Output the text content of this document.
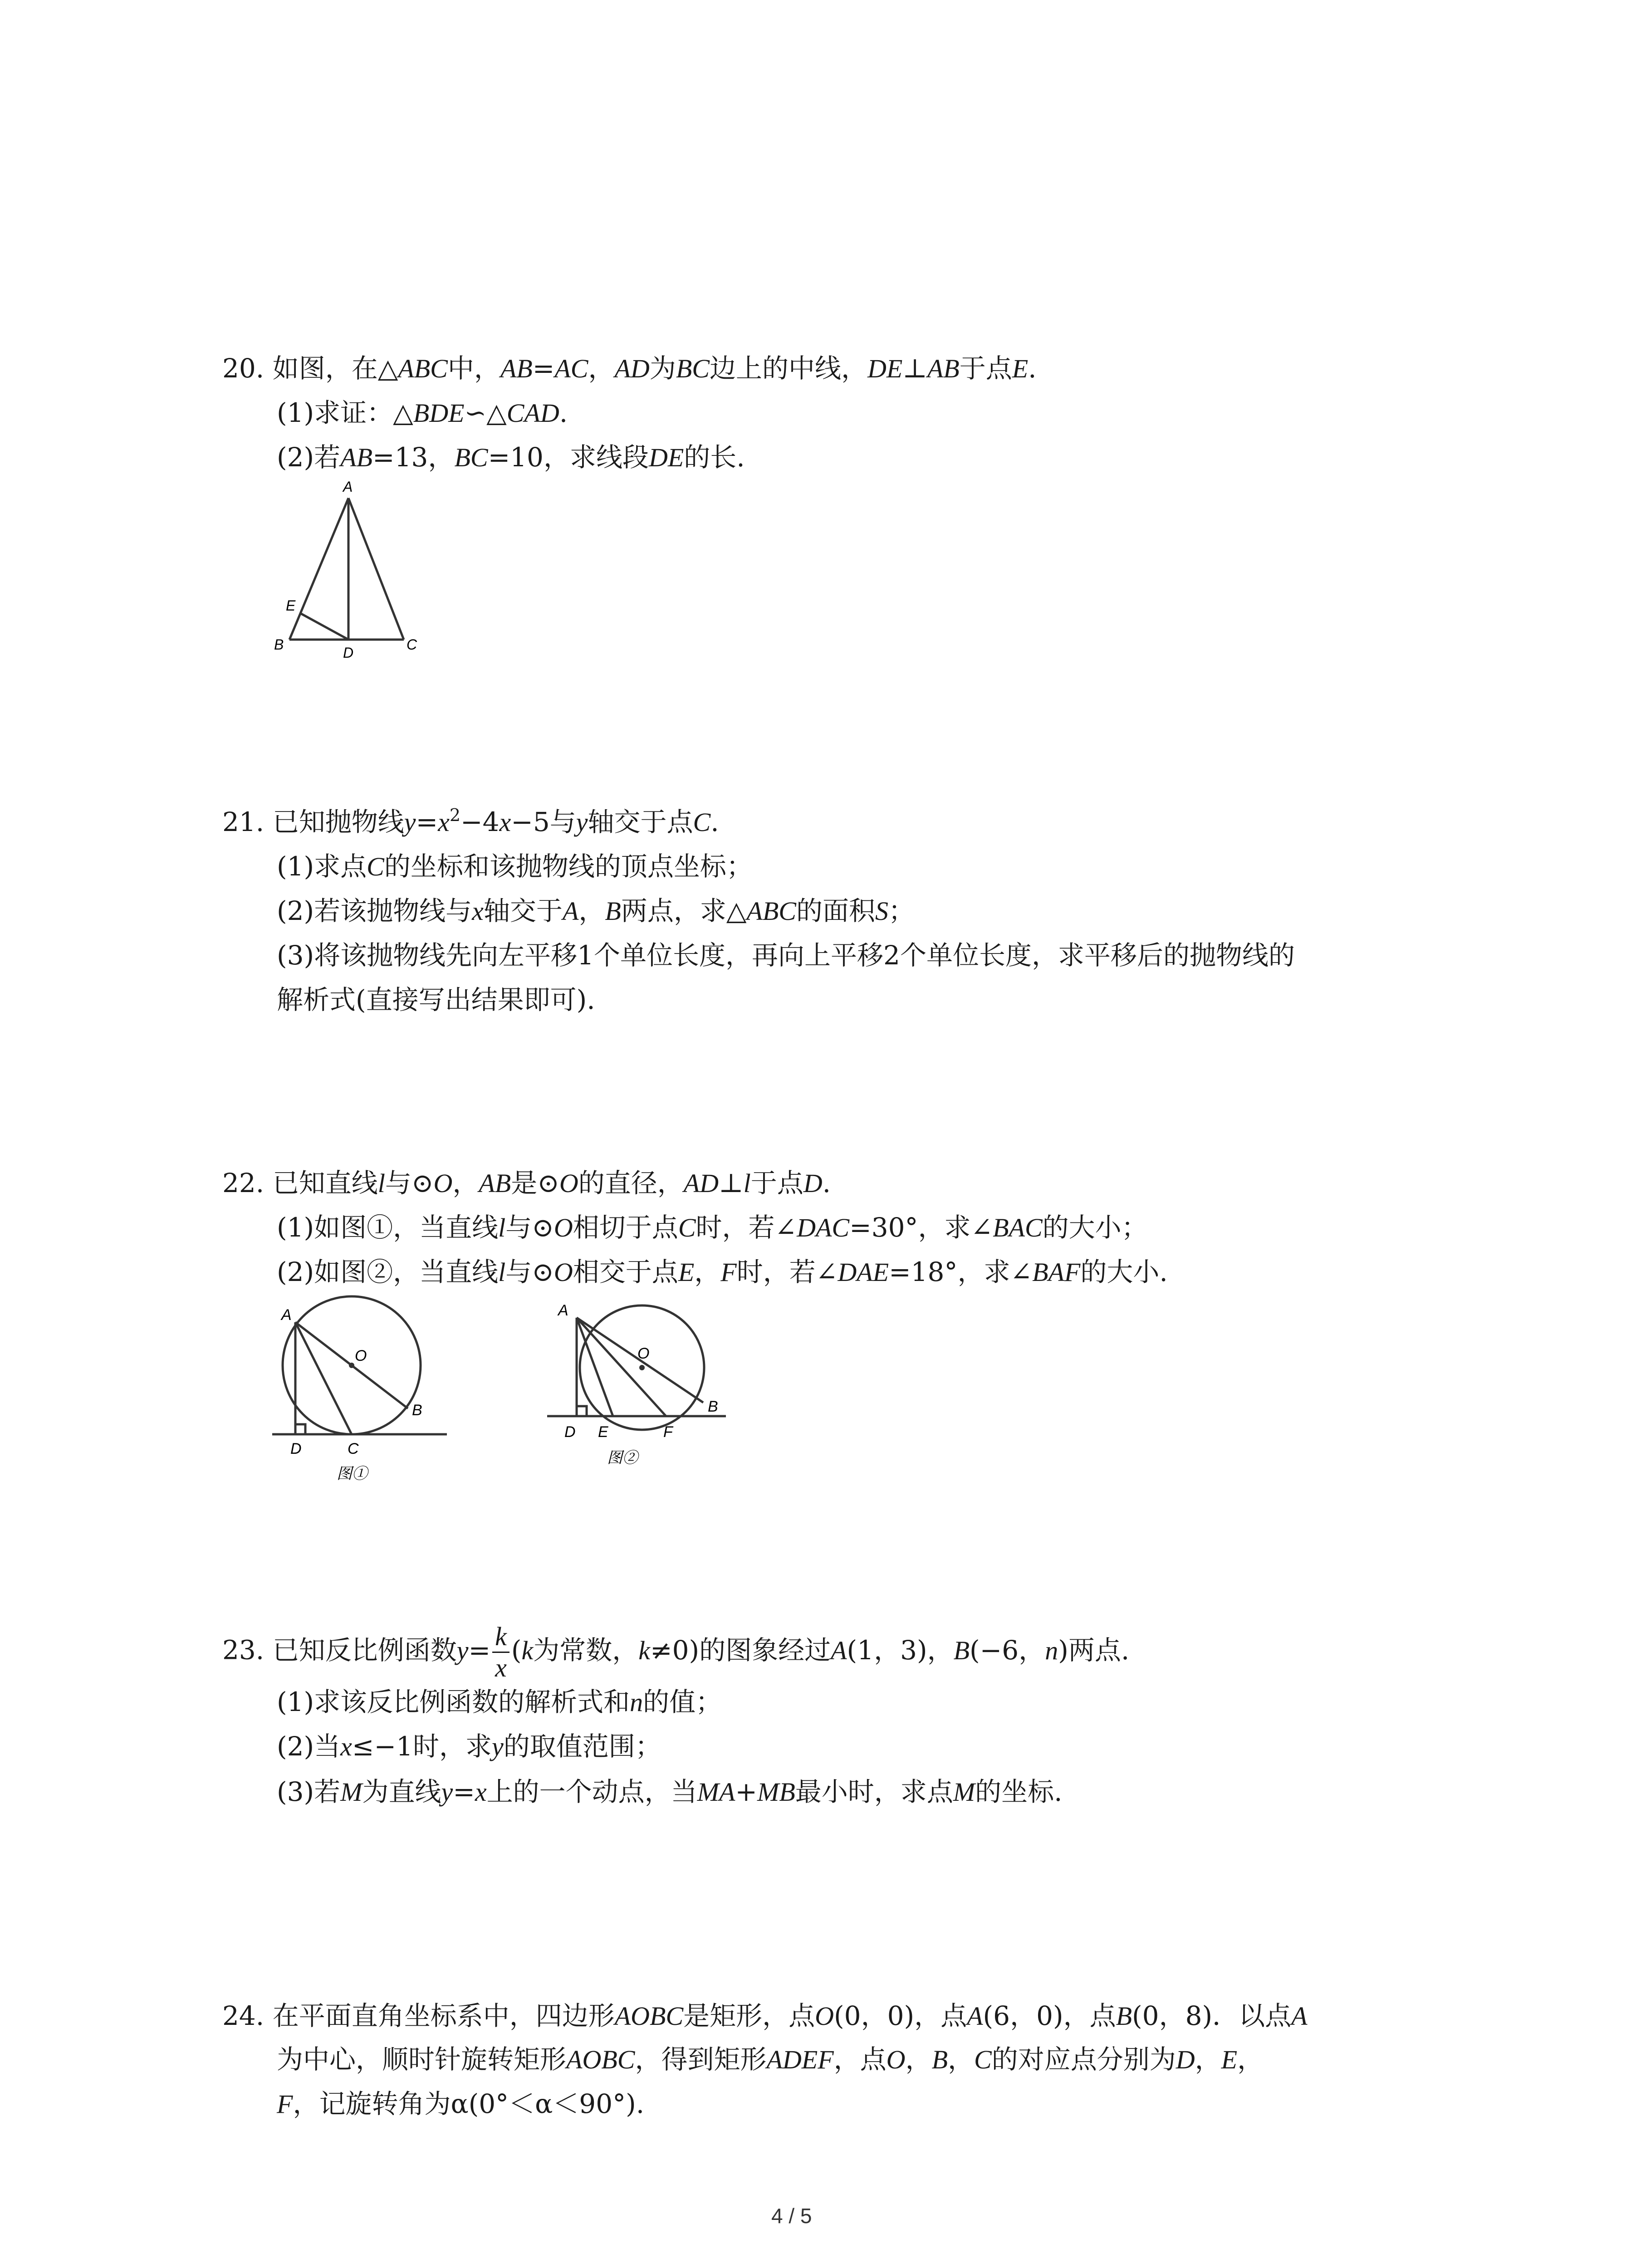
20. 如图，在△ABC中，AB=AC，AD为BC边上的中线，DE⊥AB于点E.
(1)求证：△BDE∽△CAD.
(2)若AB=13，BC=10，求线段DE的长.
A
E
B	D	C
21. 已知抛物线$y=x^2-4x-5$与y轴交于点C.
(1)求点C的坐标和该抛物线的顶点坐标；
(2)若该抛物线与x轴交于A，B两点，求△ABC的面积S；
(3)将该抛物线先向左平移1个单位长度，再向上平移2个单位长度，求平移后的抛物线的
解析式(直接写出结果即可).
22. 已知直线l与⊙O，AB是⊙O的直径，AD⊥l于点D.
(1)如图①，当直线l与⊙O相切于点C时，若∠DAC=30°，求∠BAC的大小；
(2)如图②，当直线l与⊙O相交于点E，F时，若∠DAE=18°，求∠BAF的大小.
A
O
B
D	C
图①
A
O
B
D E	F
图②
23. 已知反比例函数$y= \frac{k}{x} (k$为常数，k≠0)的图象经过A(1，3)，B(−6，n)两点.
(1)求该反比例函数的解析式和n的值；
(2)当x≤−1时，求y的取值范围；
(3)若M为直线y=x上的一个动点，当MA+MB最小时，求点M的坐标.
24. 在平面直角坐标系中，四边形AOBC是矩形，点O(0，0)，点A(6，0)，点B(0，8)．以点A
为中心，顺时针旋转矩形AOBC，得到矩形ADEF，点O，B，C的对应点分别为D，E，
F，记旋转角为α(0°＜α＜90°).
4 / 5
